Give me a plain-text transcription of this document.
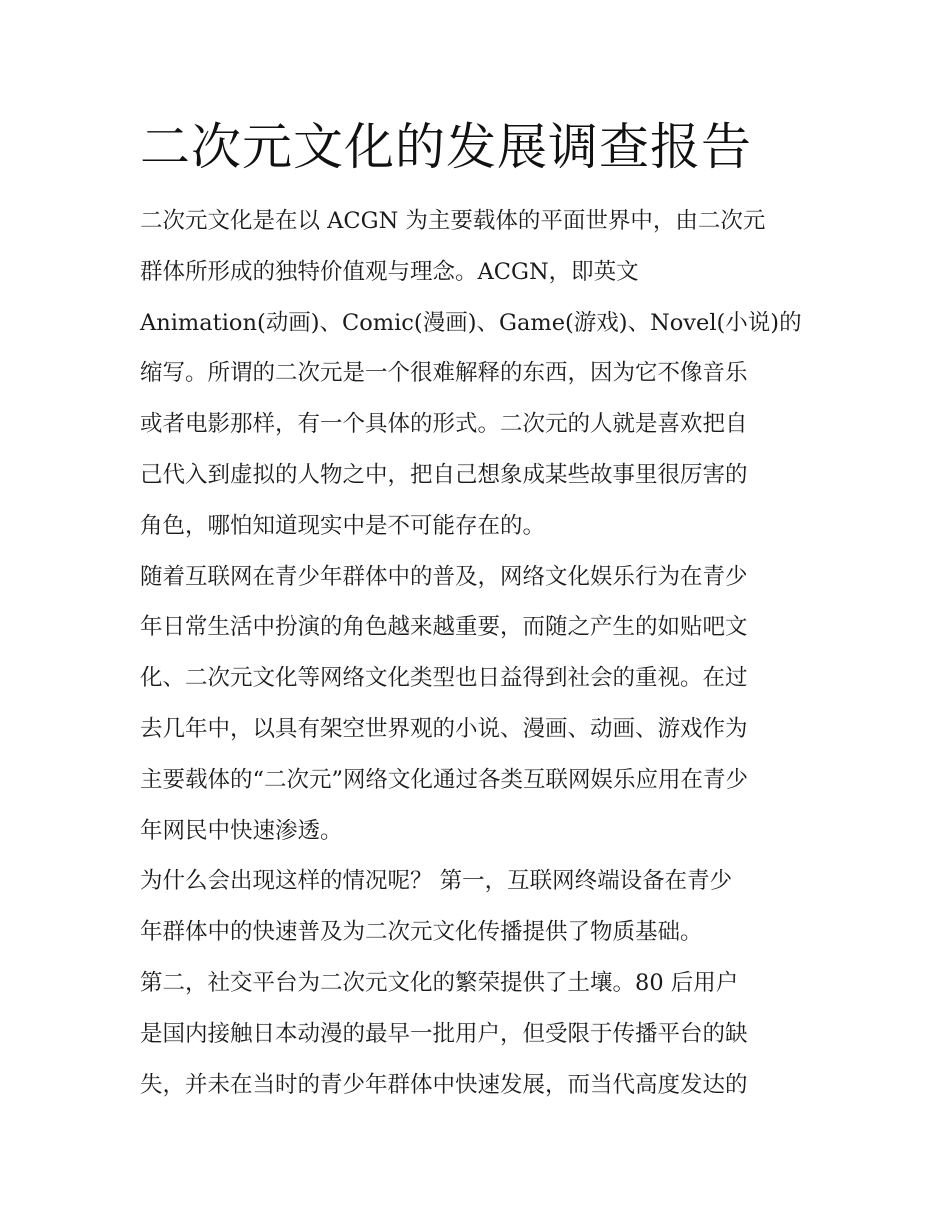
二次元文化的发展调查报告
二次元文化是在以 ACGN 为主要载体的平面世界中，由二次元
群体所形成的独特价值观与理念。ACGN，即英文
Animation(动画)、Comic(漫画)、Game(游戏)、Novel(小说)的
缩写。所谓的二次元是一个很难解释的东西，因为它不像音乐
或者电影那样，有一个具体的形式。二次元的人就是喜欢把自
己代入到虚拟的人物之中，把自己想象成某些故事里很厉害的
角色，哪怕知道现实中是不可能存在的。
随着互联网在青少年群体中的普及，网络文化娱乐行为在青少
年日常生活中扮演的角色越来越重要，而随之产生的如贴吧文
化、二次元文化等网络文化类型也日益得到社会的重视。在过
去几年中，以具有架空世界观的小说、漫画、动画、游戏作为
主要载体的“二次元”网络文化通过各类互联网娱乐应用在青少
年网民中快速渗透。
为什么会出现这样的情况呢？ 第一，互联网终端设备在青少
年群体中的快速普及为二次元文化传播提供了物质基础。
第二，社交平台为二次元文化的繁荣提供了土壤。80 后用户
是国内接触日本动漫的最早一批用户，但受限于传播平台的缺
失，并未在当时的青少年群体中快速发展，而当代高度发达的
